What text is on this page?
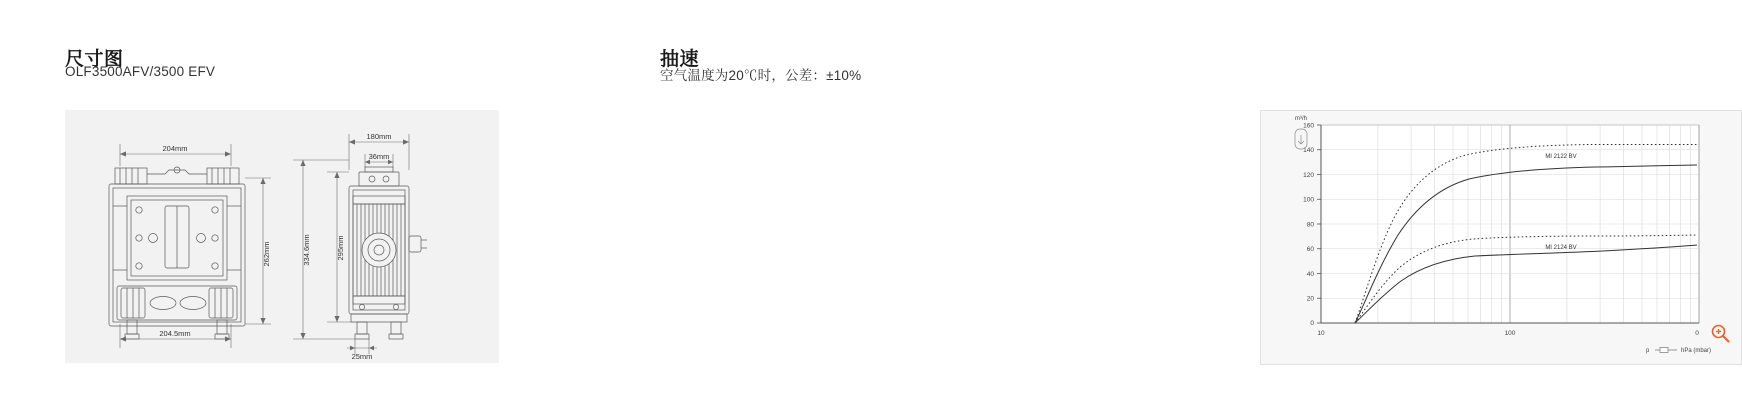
尺寸图
OLF3500AFV/3500 EFV
204mm
204.5mm
262mm
180mm
36mm
334.6mm	295mm
25mm
抽速
空气温度为20℃时，公差：±10%
0
20
40
60
80
100
120
140
160
m³/h
10	100	0
p	hPa (mbar)
MI 2122 BV
MI 2124 BV
